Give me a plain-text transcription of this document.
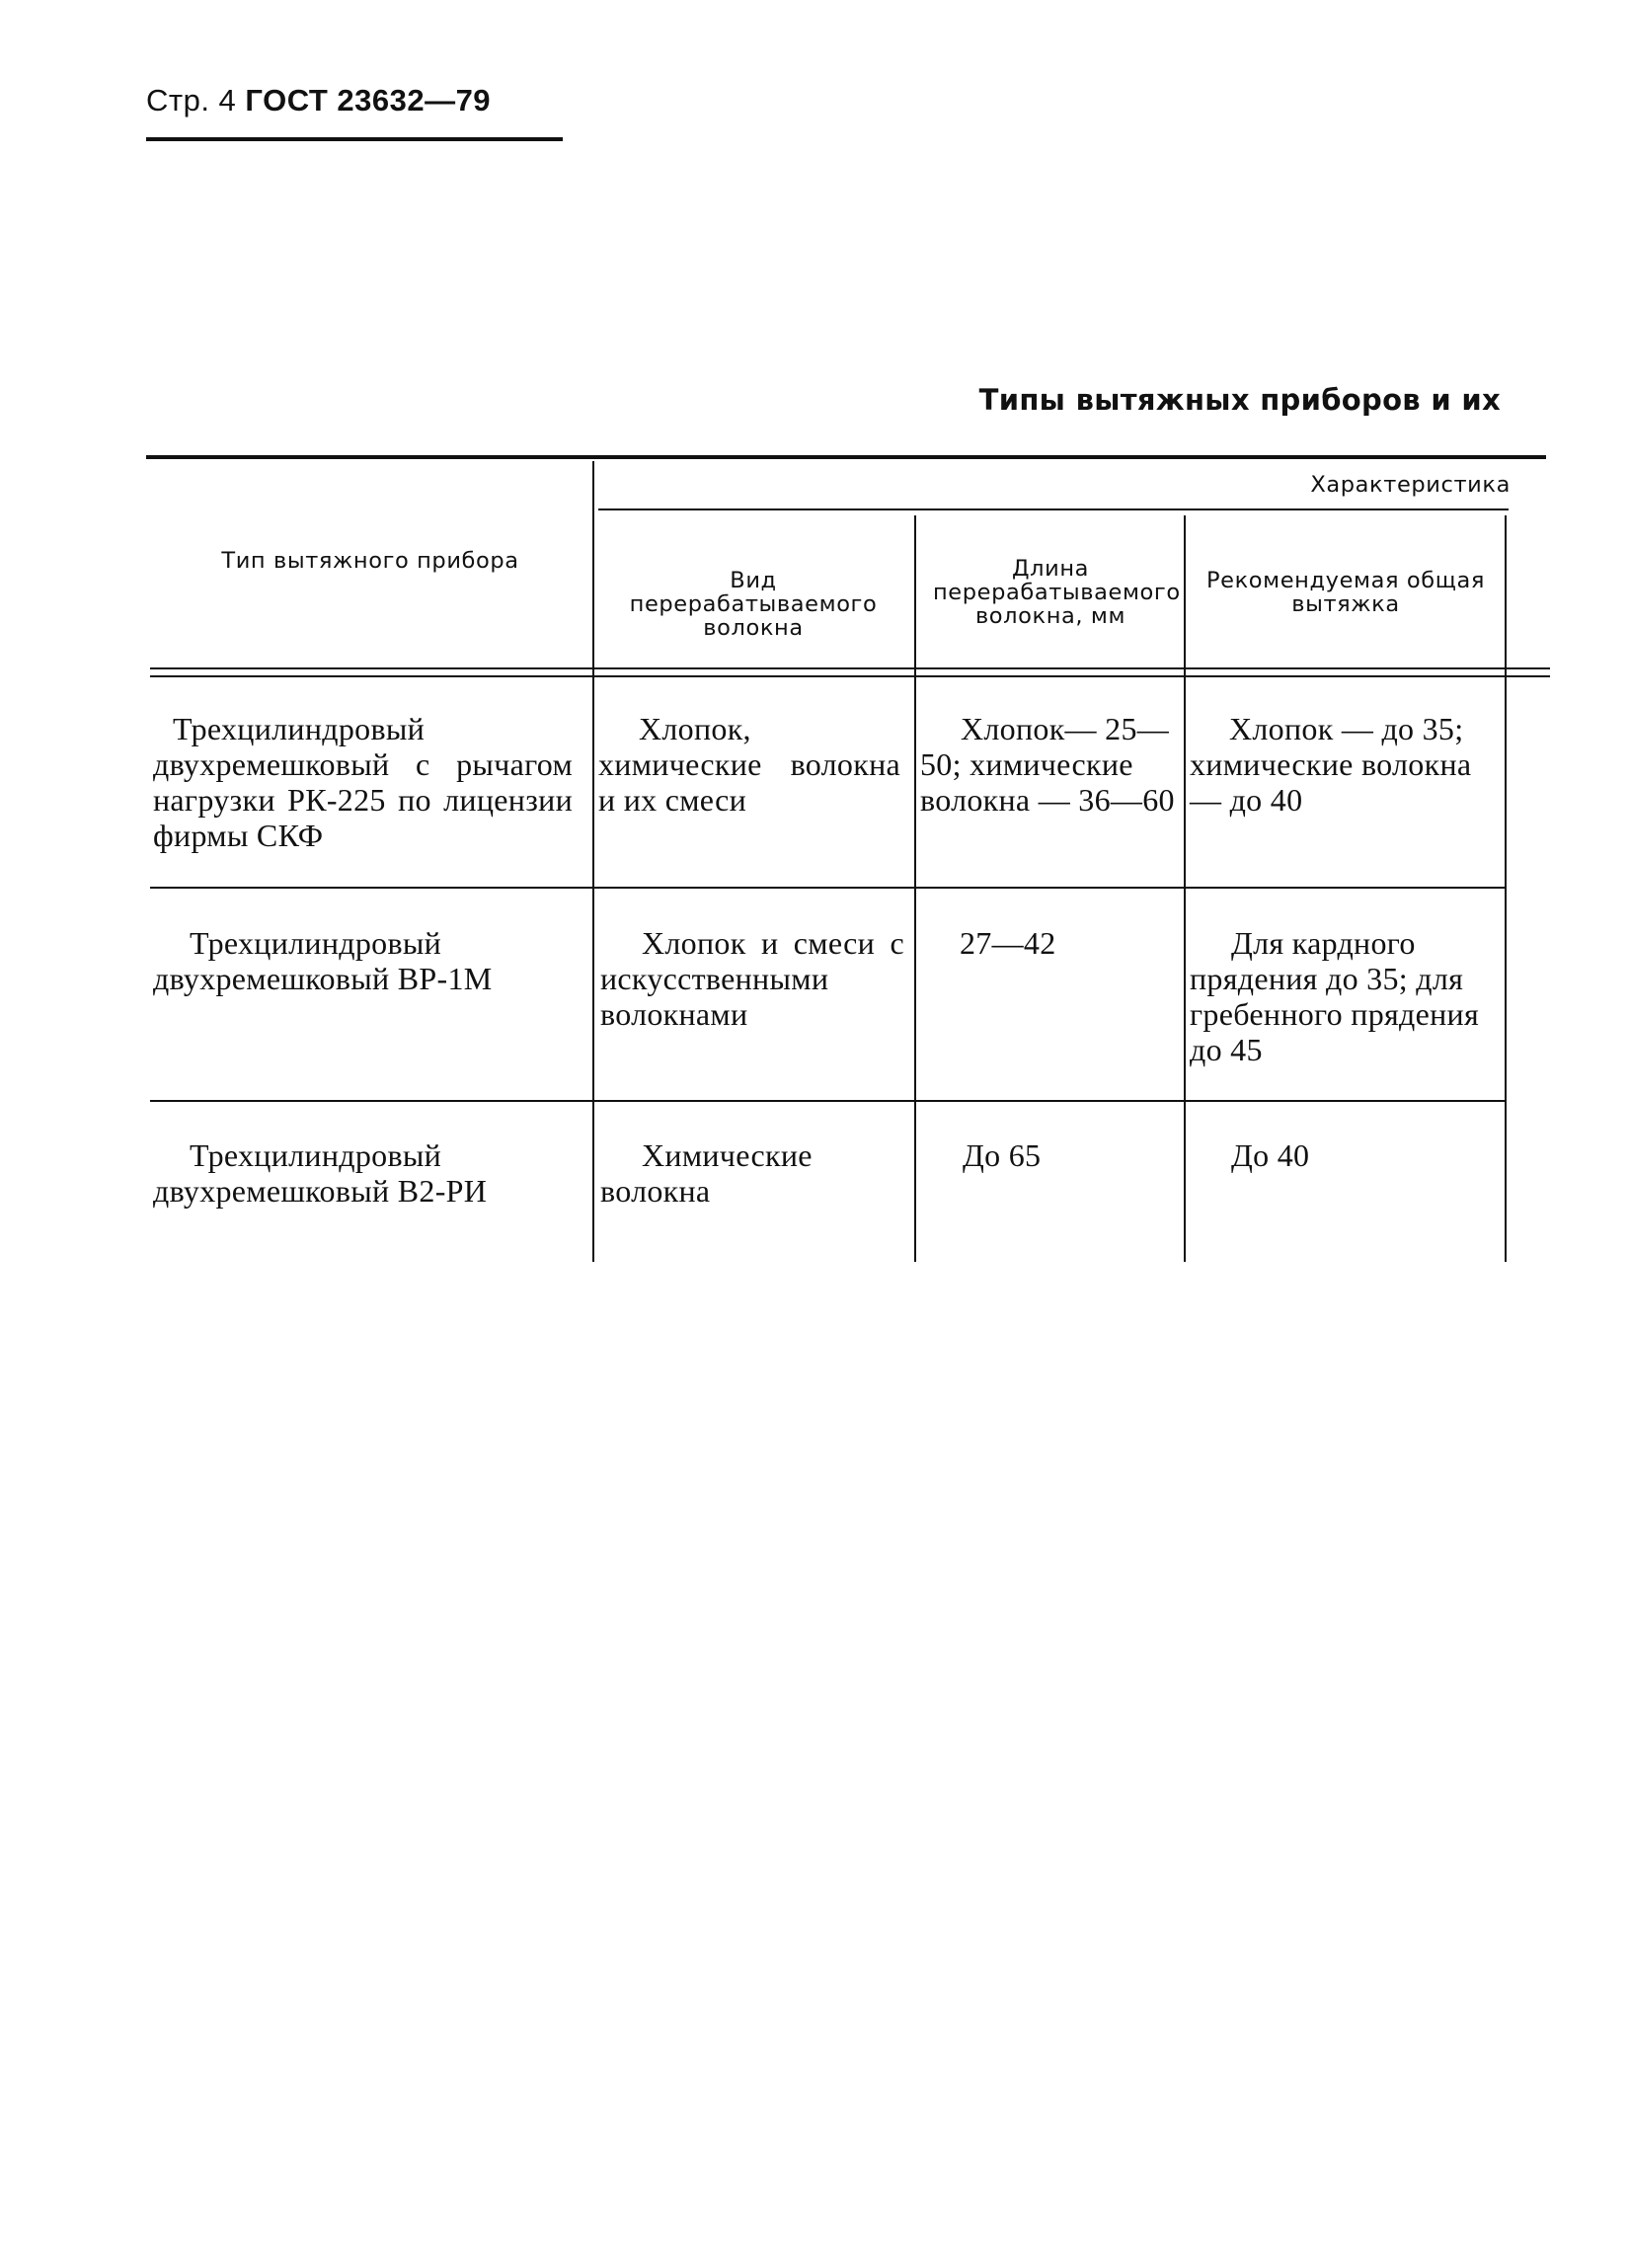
Стр. 4 ГОСТ 23632—79
Типы вытяжных приборов и их
Тип вытяжного прибора
Характеристика
Вид перерабатываемого волокна
Длина перерабатываемого волокна, мм
Рекомендуемая общая вытяжка
Трехцилиндровый двухремешковый с рычагом нагрузки РК-225 по лицензии фирмы СКФ
Хлопок, химические волокна и их смеси
Хлопок— 25—50; химические волокна — 36—60
Хлопок — до 35; химические волокна — до 40
Трехцилиндровый двухремешковый ВР-1М
Хлопок и смеси с искусственными волокнами
27—42	Для кардного прядения до 35; для гребенного прядения до 45
Трехцилиндровый двухремешковый В2-РИ
Химические волокна
До 65	До 40
